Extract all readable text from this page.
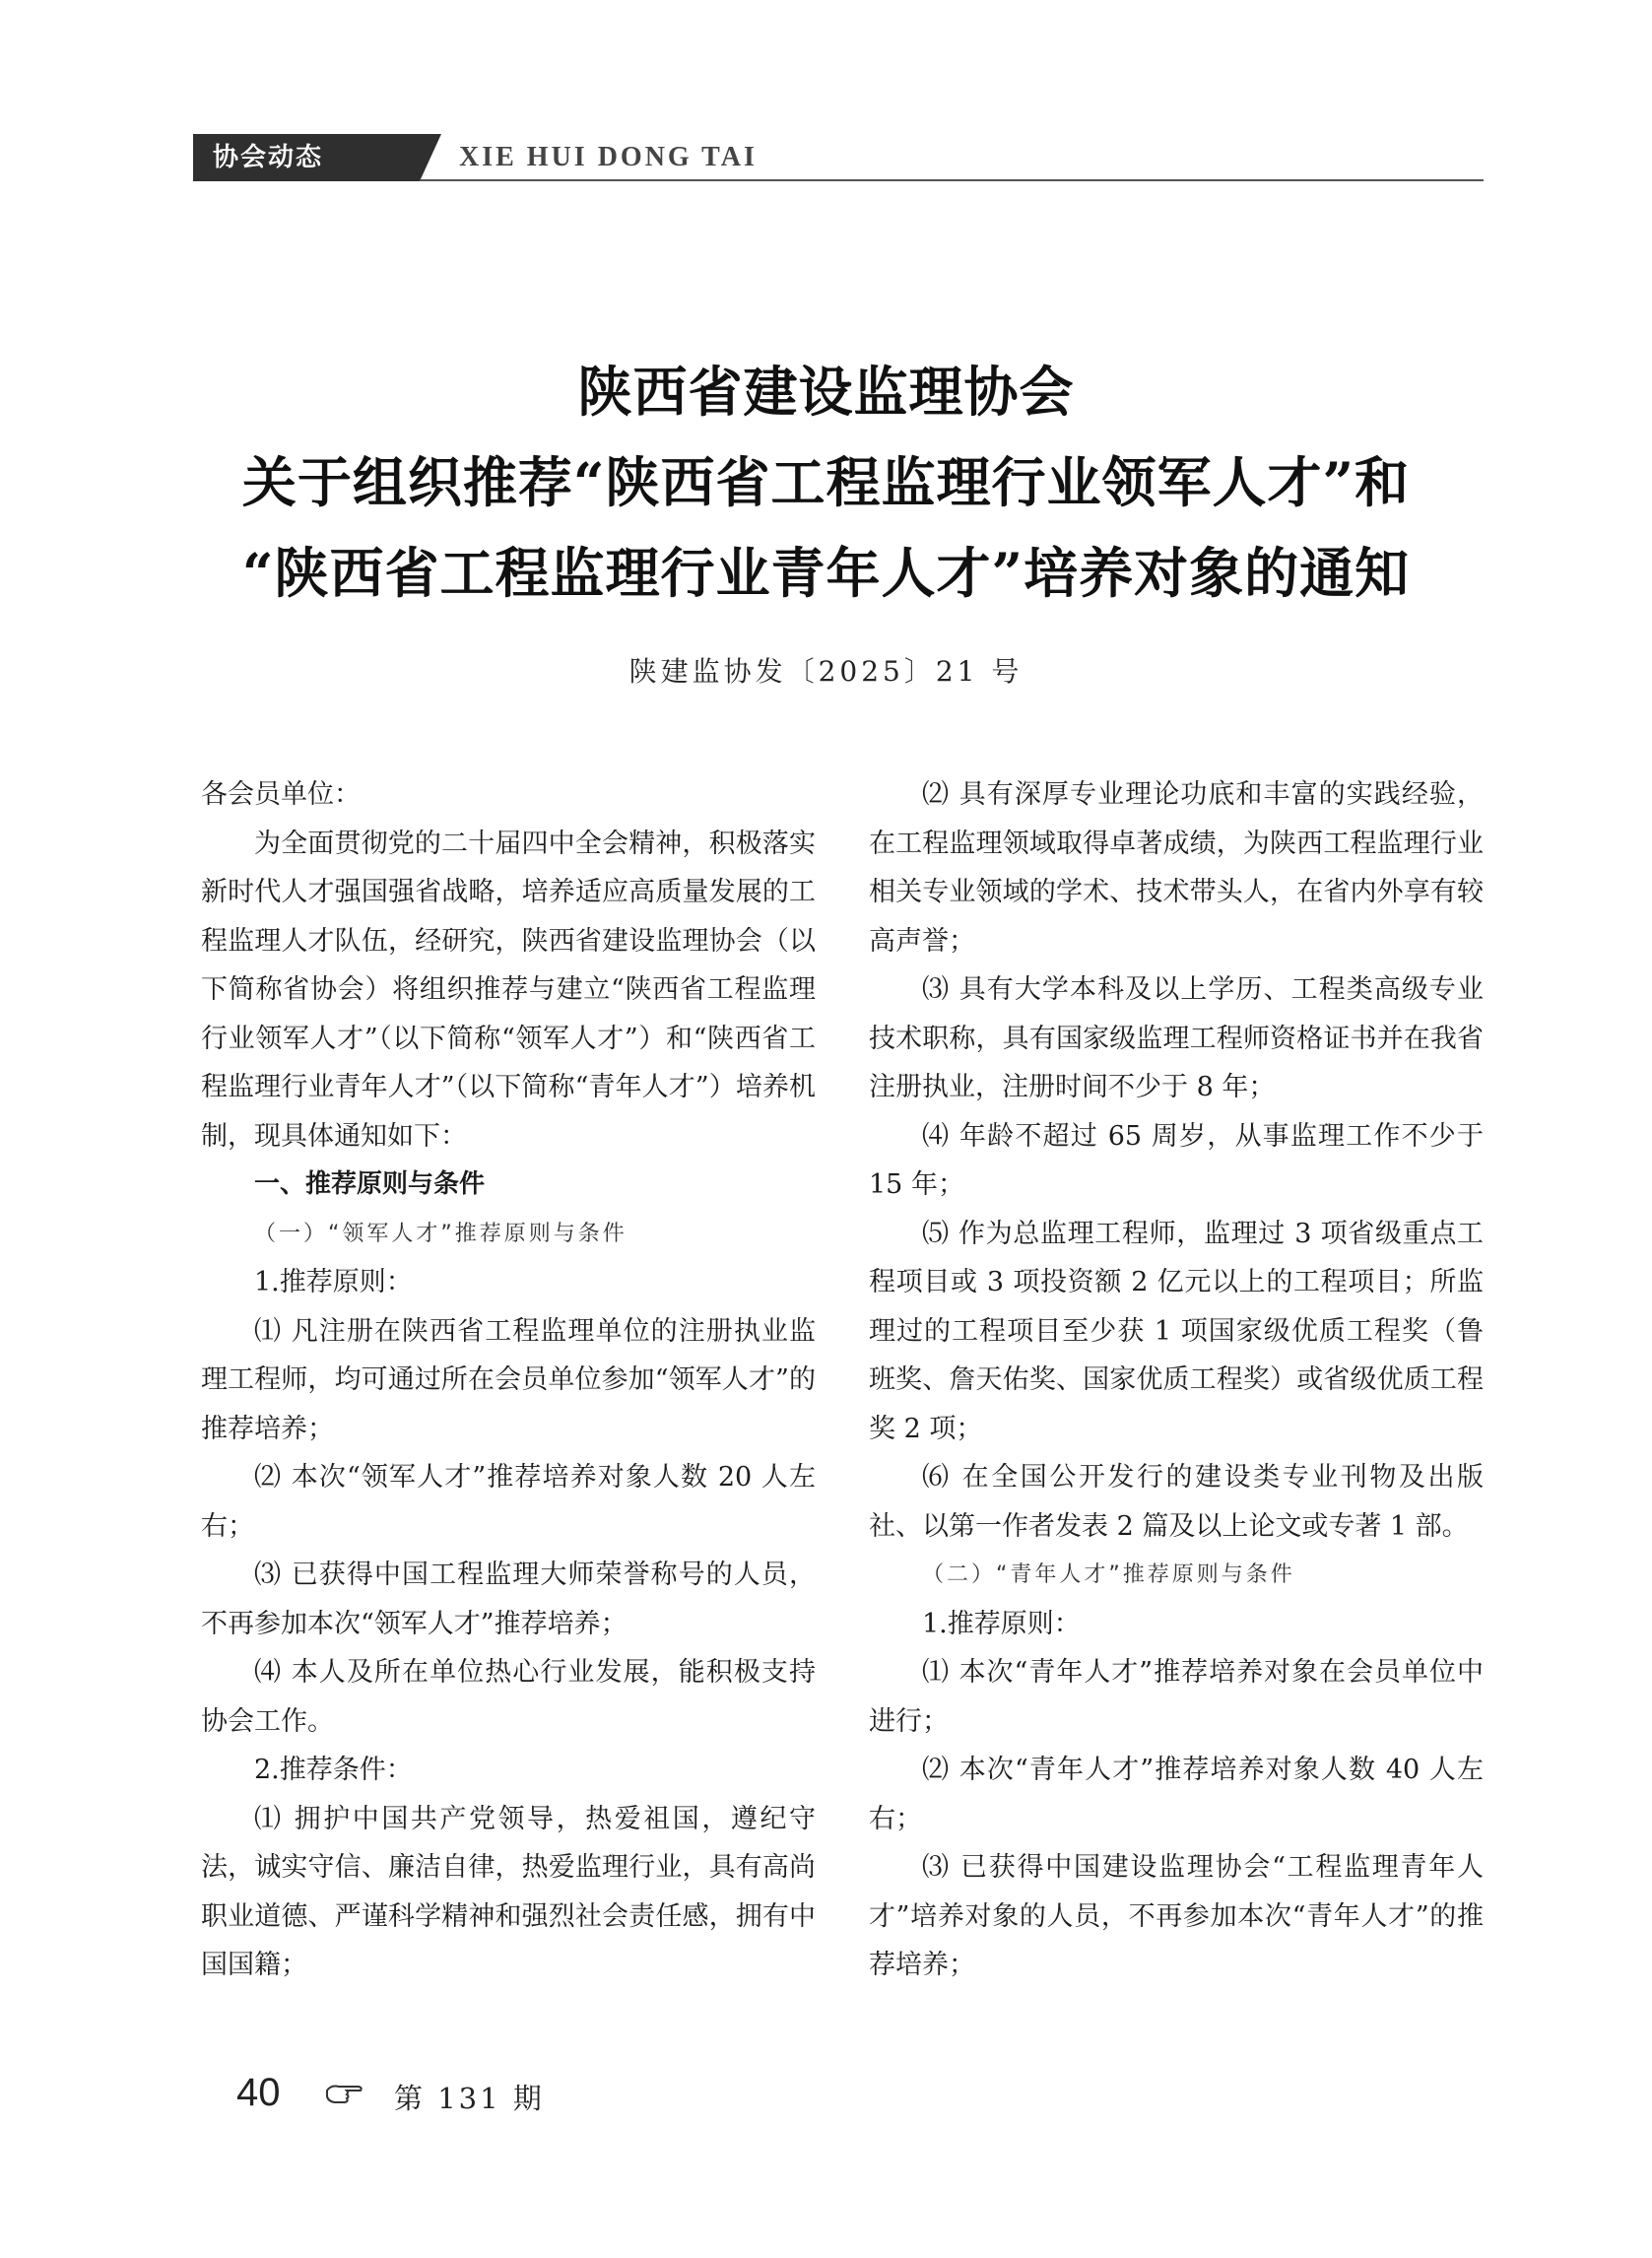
协会动态	XIE HUI DONG TAI
陕西省建设监理协会
关于组织推荐“陕西省工程监理行业领军人才”和
“陕西省工程监理行业青年人才”培养对象的通知
陕建监协发〔2025〕21 号

各会员单位：

为全面贯彻党的二十届四中全会精神，积极落实新时代人才强国强省战略，培养适应高质量发展的工程监理人才队伍，经研究，陕西省建设监理协会（以下简称省协会）将组织推荐与建立“陕西省工程监理行业领军人才”（以下简称“领军人才”）和“陕西省工程监理行业青年人才”（以下简称“青年人才”）培养机制，现具体通知如下：

一、推荐原则与条件

（一）“领军人才”推荐原则与条件

1.推荐原则：

⑴ 凡注册在陕西省工程监理单位的注册执业监理工程师，均可通过所在会员单位参加“领军人才”的推荐培养；

⑵ 本次“领军人才”推荐培养对象人数 20 人左右；

⑶ 已获得中国工程监理大师荣誉称号的人员，不再参加本次“领军人才”推荐培养；

⑷ 本人及所在单位热心行业发展，能积极支持协会工作。

2.推荐条件：

⑴ 拥护中国共产党领导，热爱祖国，遵纪守法，诚实守信、廉洁自律，热爱监理行业，具有高尚职业道德、严谨科学精神和强烈社会责任感，拥有中国国籍；

⑵ 具有深厚专业理论功底和丰富的实践经验，在工程监理领域取得卓著成绩，为陕西工程监理行业相关专业领域的学术、技术带头人，在省内外享有较高声誉；

⑶ 具有大学本科及以上学历、工程类高级专业技术职称，具有国家级监理工程师资格证书并在我省注册执业，注册时间不少于 8 年；

⑷ 年龄不超过 65 周岁，从事监理工作不少于 15 年；

⑸ 作为总监理工程师，监理过 3 项省级重点工程项目或 3 项投资额 2 亿元以上的工程项目；所监理过的工程项目至少获 1 项国家级优质工程奖（鲁班奖、詹天佑奖、国家优质工程奖）或省级优质工程奖 2 项；

⑹ 在全国公开发行的建设类专业刊物及出版社、以第一作者发表 2 篇及以上论文或专著 1 部。

（二）“青年人才”推荐原则与条件

1.推荐原则：

⑴ 本次“青年人才”推荐培养对象在会员单位中进行；

⑵ 本次“青年人才”推荐培养对象人数 40 人左右；

⑶ 已获得中国建设监理协会“工程监理青年人才”培养对象的人员，不再参加本次“青年人才”的推荐培养；

40	第 131 期
